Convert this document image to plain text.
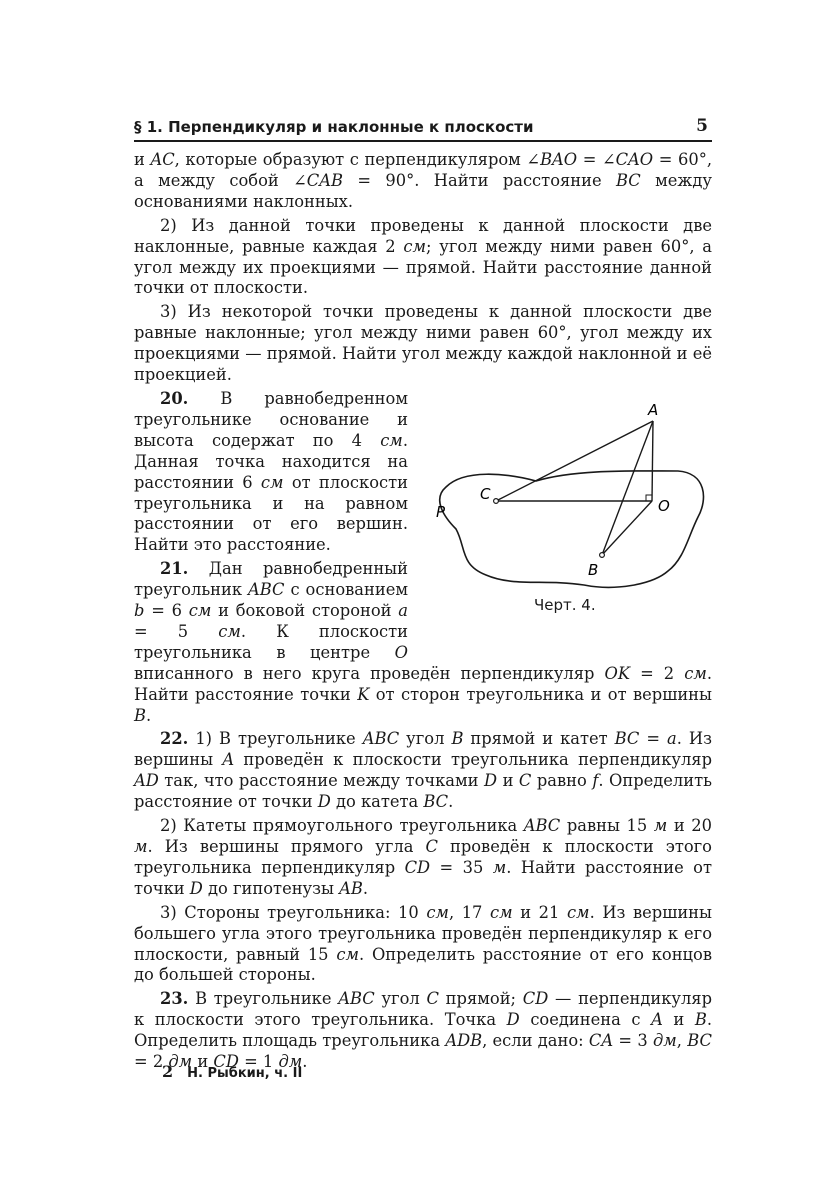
§ 1. Перпендикуляр и наклонные к плоскости	5

и AC, которые образуют с перпендикуляром ∠BAO = ∠CAO = 60°, а между собой ∠CAB = 90°. Найти расстояние BC между основаниями наклонных.

2) Из данной точки проведены к данной плоскости две наклонные, равные каждая 2 см; угол между ними равен 60°, а угол между их проекциями — прямой. Найти расстояние данной точки от плоскости.

3) Из некоторой точки проведены к данной плоскости две равные наклонные; угол между ними равен 60°, угол между их проекциями — прямой. Найти угол между каждой наклонной и её проекцией.

A
C
O
B
P
Черт. 4.

20. В равнобедренном треугольнике основание и высота содержат по 4 см. Данная точка находится на расстоянии 6 см от плоскости треугольника и на равном расстоянии от его вершин. Найти это расстояние.

21. Дан равнобедренный треугольник ABC с основанием b = 6 см и боковой стороной a = 5 см. К плоскости треугольника в центре O вписанного в него круга проведён перпендикуляр OK = 2 см. Найти расстояние точки K от сторон треугольника и от вершины B.

22. 1) В треугольнике ABC угол B прямой и катет BC = a. Из вершины A проведён к плоскости треугольника перпендикуляр AD так, что расстояние между точками D и C равно f. Определить расстояние от точки D до катета BC.

2) Катеты прямоугольного треугольника ABC равны 15 м и 20 м. Из вершины прямого угла C проведён к плоскости этого треугольника перпендикуляр CD = 35 м. Найти расстояние от точки D до гипотенузы AB.

3) Стороны треугольника: 10 см, 17 см и 21 см. Из вершины большего угла этого треугольника проведён перпендикуляр к его плоскости, равный 15 см. Определить расстояние от его концов до большей стороны.

23. В треугольнике ABC угол C прямой; CD — перпендикуляр к плоскости этого треугольника. Точка D соединена с A и B. Определить площадь треугольника ADB, если дано: CA = 3 дм, BC = 2 дм и CD = 1 дм.

2 Н. Рыбкин, ч. II
